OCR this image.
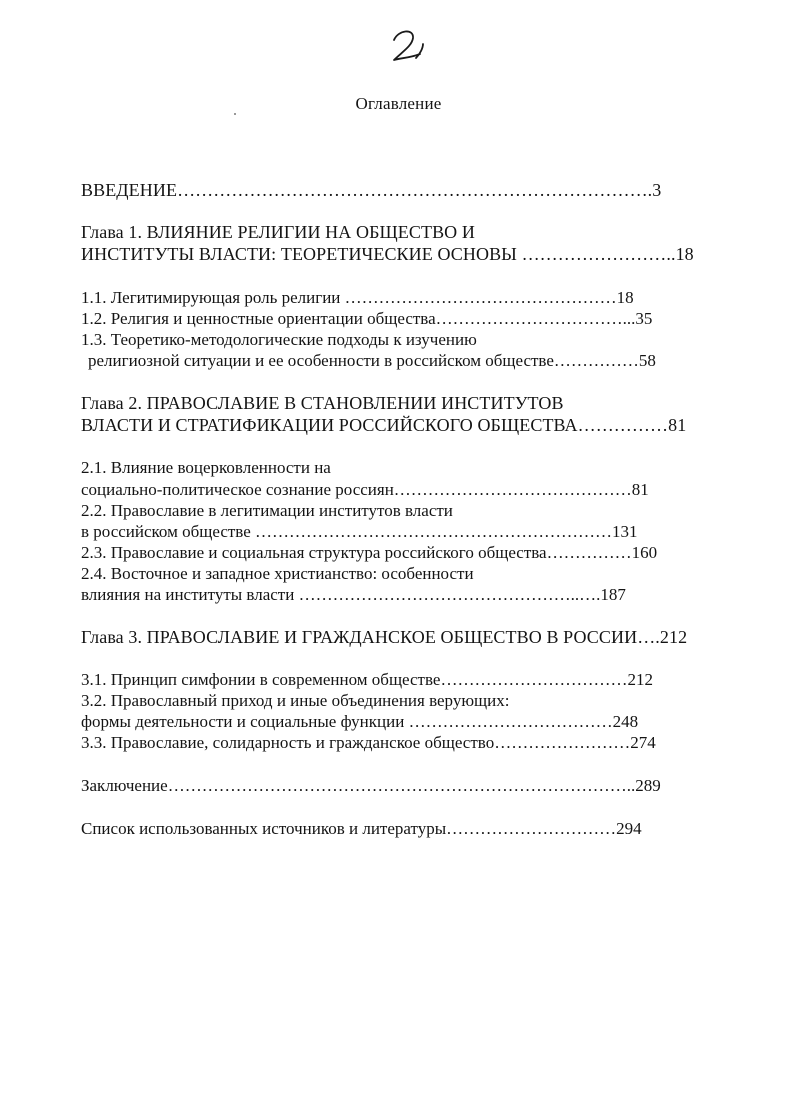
Оглавление
ВВЕДЕНИЕ…………………………………………………………………….3
Глава 1. ВЛИЯНИЕ РЕЛИГИИ НА ОБЩЕСТВО И
ИНСТИТУТЫ ВЛАСТИ: ТЕОРЕТИЧЕСКИЕ ОСНОВЫ ……………………..18
1.1. Легитимирующая роль религии …………………………………………18
1.2. Религия и ценностные ориентации общества……………………………...35
1.3. Теоретико-методологические подходы к изучению
религиозной ситуации и ее особенности в российском обществе……………58
Глава 2. ПРАВОСЛАВИЕ В СТАНОВЛЕНИИ ИНСТИТУТОВ
ВЛАСТИ И СТРАТИФИКАЦИИ РОССИЙСКОГО ОБЩЕСТВА……………81
2.1. Влияние воцерковленности на
социально-политическое сознание россиян……………………………………81
2.2. Православие в легитимации институтов власти
в российском обществе ………………………………………………………131
2.3. Православие и социальная структура российского общества……………160
2.4. Восточное и западное христианство: особенности
влияния на институты власти …………………………………………..….187
Глава 3. ПРАВОСЛАВИЕ И ГРАЖДАНСКОЕ ОБЩЕСТВО В РОССИИ….212
3.1. Принцип симфонии в современном обществе……………………………212
3.2. Православный приход и иные объединения верующих:
формы деятельности и социальные функции ………………………………248
3.3. Православие, солидарность и гражданское общество……………………274
Заключение………………………………………………………………………..289
Список использованных источников и литературы…………………………294
